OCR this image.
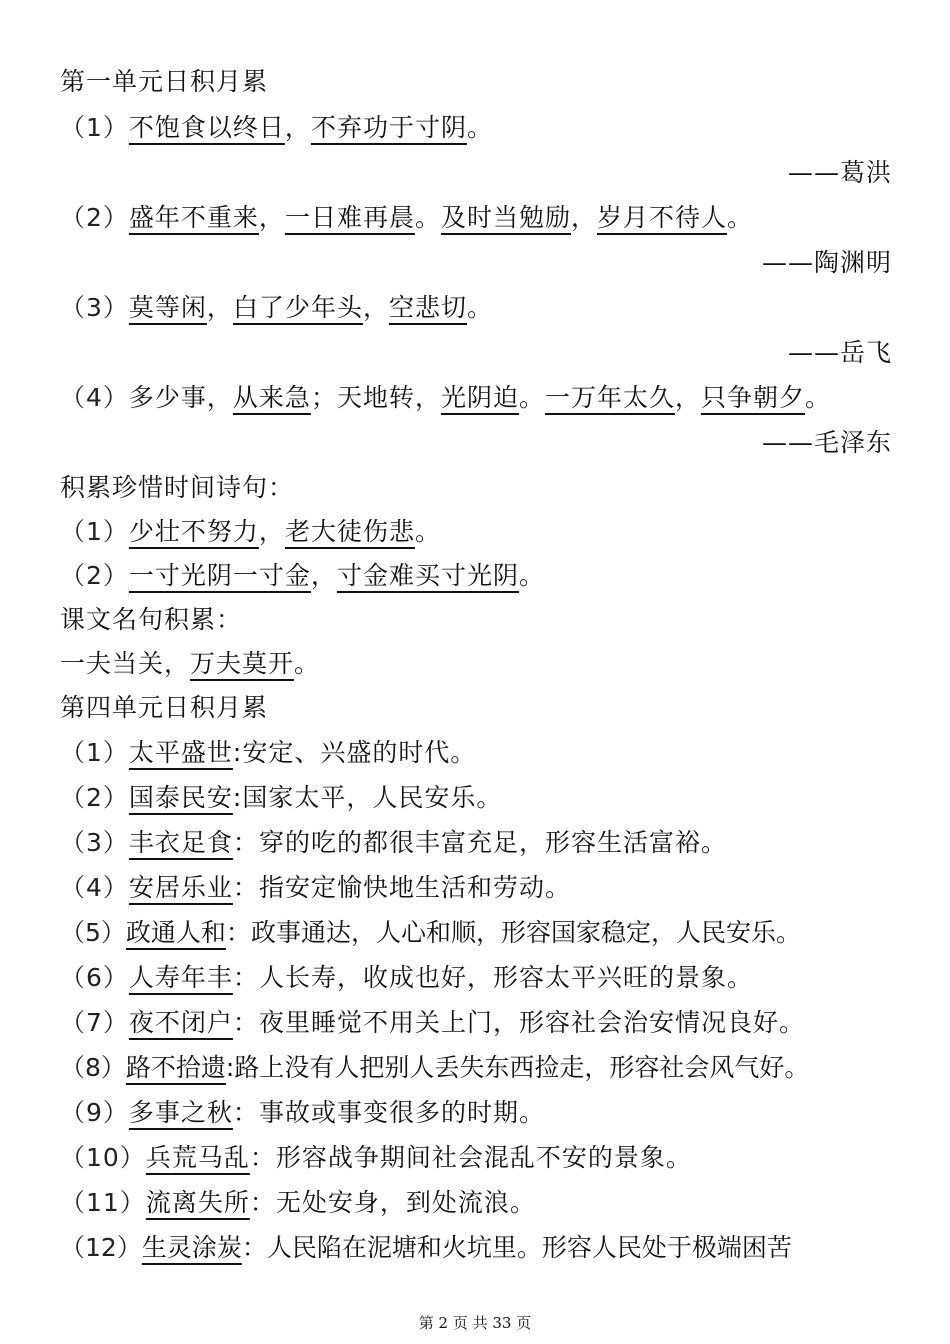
第一单元日积月累
（1）不饱食以终日，不弃功于寸阴。
——葛洪
（2）盛年不重来，一日难再晨。及时当勉励，岁月不待人。
——陶渊明
（3）莫等闲，白了少年头，空悲切。
——岳飞
（4）多少事，从来急；天地转，光阴迫。一万年太久，只争朝夕。
——毛泽东
积累珍惜时间诗句：
（1）少壮不努力，老大徒伤悲。
（2）一寸光阴一寸金，寸金难买寸光阴。
课文名句积累：
一夫当关，万夫莫开。
第四单元日积月累
（1）太平盛世:安定、兴盛的时代。
（2）国泰民安:国家太平，人民安乐。
（3）丰衣足食：穿的吃的都很丰富充足，形容生活富裕。
（4）安居乐业：指安定愉快地生活和劳动。
（5）政通人和：政事通达，人心和顺，形容国家稳定，人民安乐。
（6）人寿年丰：人长寿，收成也好，形容太平兴旺的景象。
（7）夜不闭户：夜里睡觉不用关上门，形容社会治安情况良好。
（8）路不拾遗:路上没有人把别人丢失东西捡走，形容社会风气好。
（9）多事之秋：事故或事变很多的时期。
（10）兵荒马乱：形容战争期间社会混乱不安的景象。
（11）流离失所：无处安身，到处流浪。
（12）生灵涂炭：人民陷在泥塘和火坑里。形容人民处于极端困苦
第 2 页 共 33 页
